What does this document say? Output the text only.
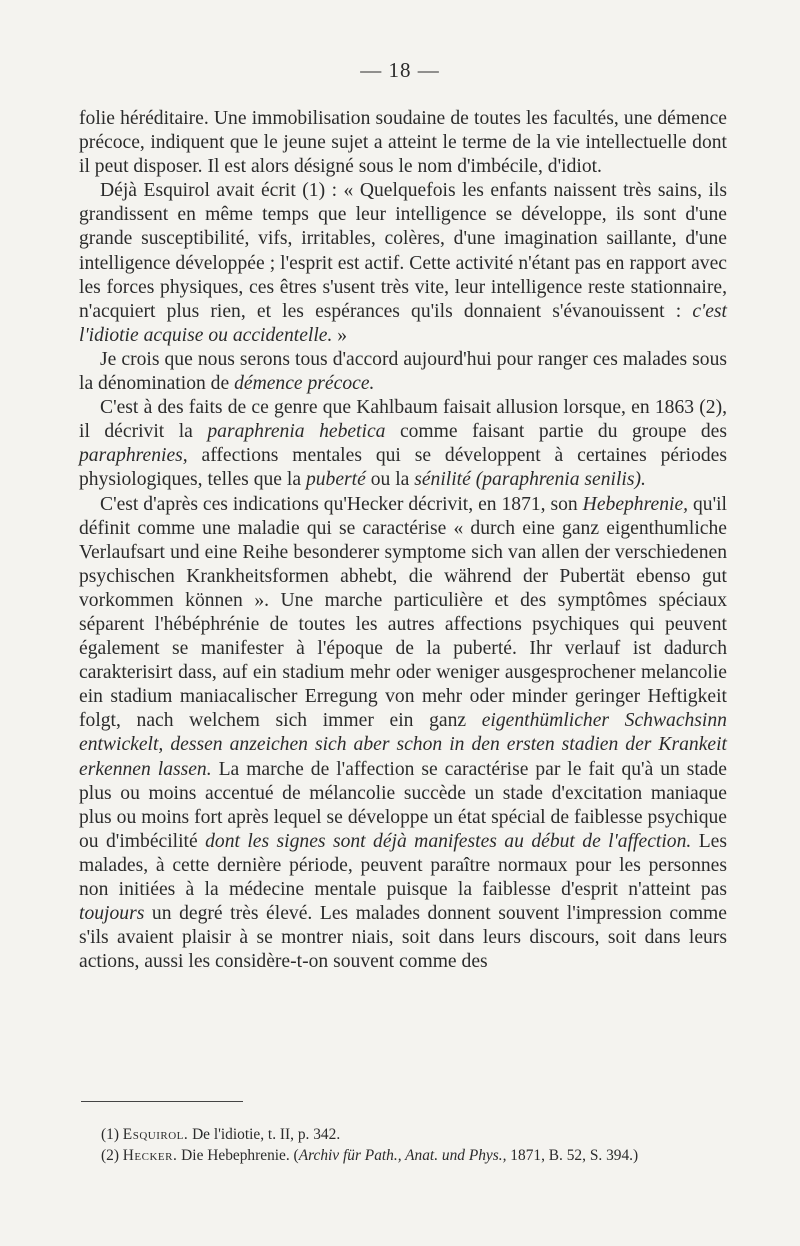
— 18 —

folie héréditaire. Une immobilisation soudaine de toutes les facultés, une démence précoce, indiquent que le jeune sujet a atteint le terme de la vie intellectuelle dont il peut disposer. Il est alors désigné sous le nom d'imbécile, d'idiot.

Déjà Esquirol avait écrit (1) : « Quelquefois les enfants naissent très sains, ils grandissent en même temps que leur intelligence se développe, ils sont d'une grande susceptibilité, vifs, irritables, colères, d'une imagination saillante, d'une intelligence développée ; l'esprit est actif. Cette activité n'étant pas en rapport avec les forces physiques, ces êtres s'usent très vite, leur intelligence reste stationnaire, n'acquiert plus rien, et les espérances qu'ils donnaient s'évanouissent : c'est l'idiotie acquise ou accidentelle. »

Je crois que nous serons tous d'accord aujourd'hui pour ranger ces malades sous la dénomination de démence précoce.

C'est à des faits de ce genre que Kahlbaum faisait allusion lorsque, en 1863 (2), il décrivit la paraphrenia hebetica comme faisant partie du groupe des paraphrenies, affections mentales qui se développent à certaines périodes physiologiques, telles que la puberté ou la sénilité (paraphrenia senilis).

C'est d'après ces indications qu'Hecker décrivit, en 1871, son Hebephrenie, qu'il définit comme une maladie qui se caractérise « durch eine ganz eigenthumliche Verlaufsart und eine Reihe besonderer symptome sich van allen der verschiedenen psychischen Krankheitsformen abhebt, die während der Pubertät ebenso gut vorkommen können ». Une marche particulière et des symptômes spéciaux séparent l'hébéphrénie de toutes les autres affections psychiques qui peuvent également se manifester à l'époque de la puberté. Ihr verlauf ist dadurch carakterisirt dass, auf ein stadium mehr oder weniger ausgesprochener melancolie ein stadium maniacalischer Erregung von mehr oder minder geringer Heftigkeit folgt, nach welchem sich immer ein ganz eigenthümlicher Schwachsinn entwickelt, dessen anzeichen sich aber schon in den ersten stadien der Krankeit erkennen lassen. La marche de l'affection se caractérise par le fait qu'à un stade plus ou moins accentué de mélancolie succède un stade d'excitation maniaque plus ou moins fort après lequel se développe un état spécial de faiblesse psychique ou d'imbécilité dont les signes sont déjà manifestes au début de l'affection. Les malades, à cette dernière période, peuvent paraître normaux pour les personnes non initiées à la médecine mentale puisque la faiblesse d'esprit n'atteint pas toujours un degré très élevé. Les malades donnent souvent l'impression comme s'ils avaient plaisir à se montrer niais, soit dans leurs discours, soit dans leurs actions, aussi les considère-t-on souvent comme des

(1) Esquirol. De l'idiotie, t. II, p. 342.

(2) Hecker. Die Hebephrenie. (Archiv für Path., Anat. und Phys., 1871, B. 52, S. 394.)
